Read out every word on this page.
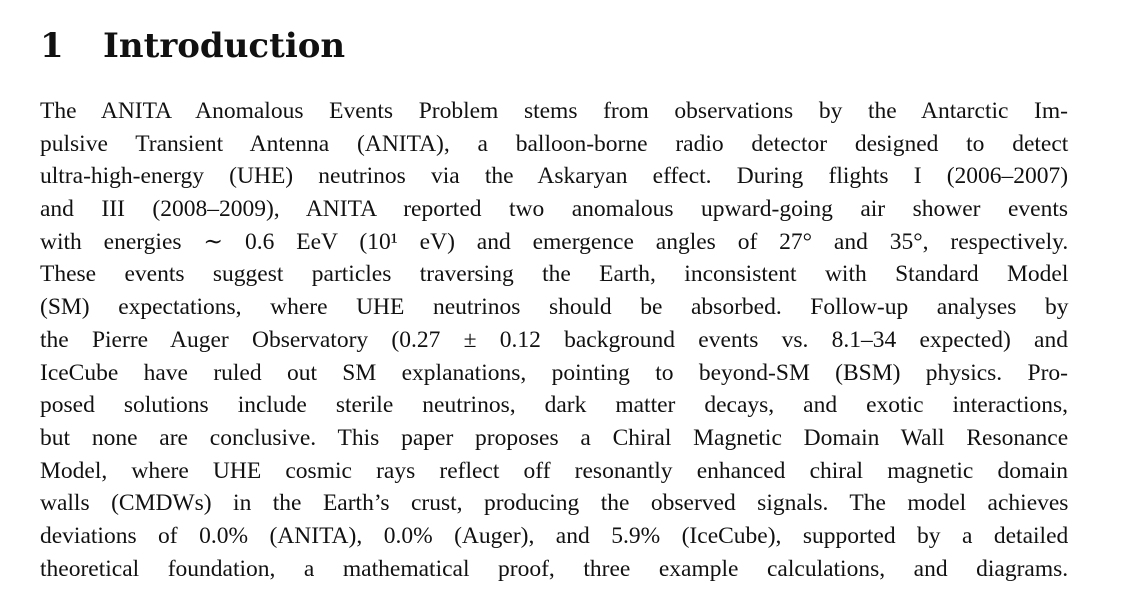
1 Introduction
The ANITA Anomalous Events Problem stems from observations by the Antarctic Im-
pulsive Transient Antenna (ANITA), a balloon-borne radio detector designed to detect
ultra-high-energy (UHE) neutrinos via the Askaryan effect. During flights I (2006–2007)
and III (2008–2009), ANITA reported two anomalous upward-going air shower events
with energies ∼ 0.6 EeV (10¹ eV) and emergence angles of 27° and 35°, respectively.
These events suggest particles traversing the Earth, inconsistent with Standard Model
(SM) expectations, where UHE neutrinos should be absorbed. Follow-up analyses by
the Pierre Auger Observatory (0.27 ± 0.12 background events vs. 8.1–34 expected) and
IceCube have ruled out SM explanations, pointing to beyond-SM (BSM) physics. Pro-
posed solutions include sterile neutrinos, dark matter decays, and exotic interactions,
but none are conclusive. This paper proposes a Chiral Magnetic Domain Wall Resonance
Model, where UHE cosmic rays reflect off resonantly enhanced chiral magnetic domain
walls (CMDWs) in the Earth’s crust, producing the observed signals. The model achieves
deviations of 0.0% (ANITA), 0.0% (Auger), and 5.9% (IceCube), supported by a detailed
theoretical foundation, a mathematical proof, three example calculations, and diagrams.
